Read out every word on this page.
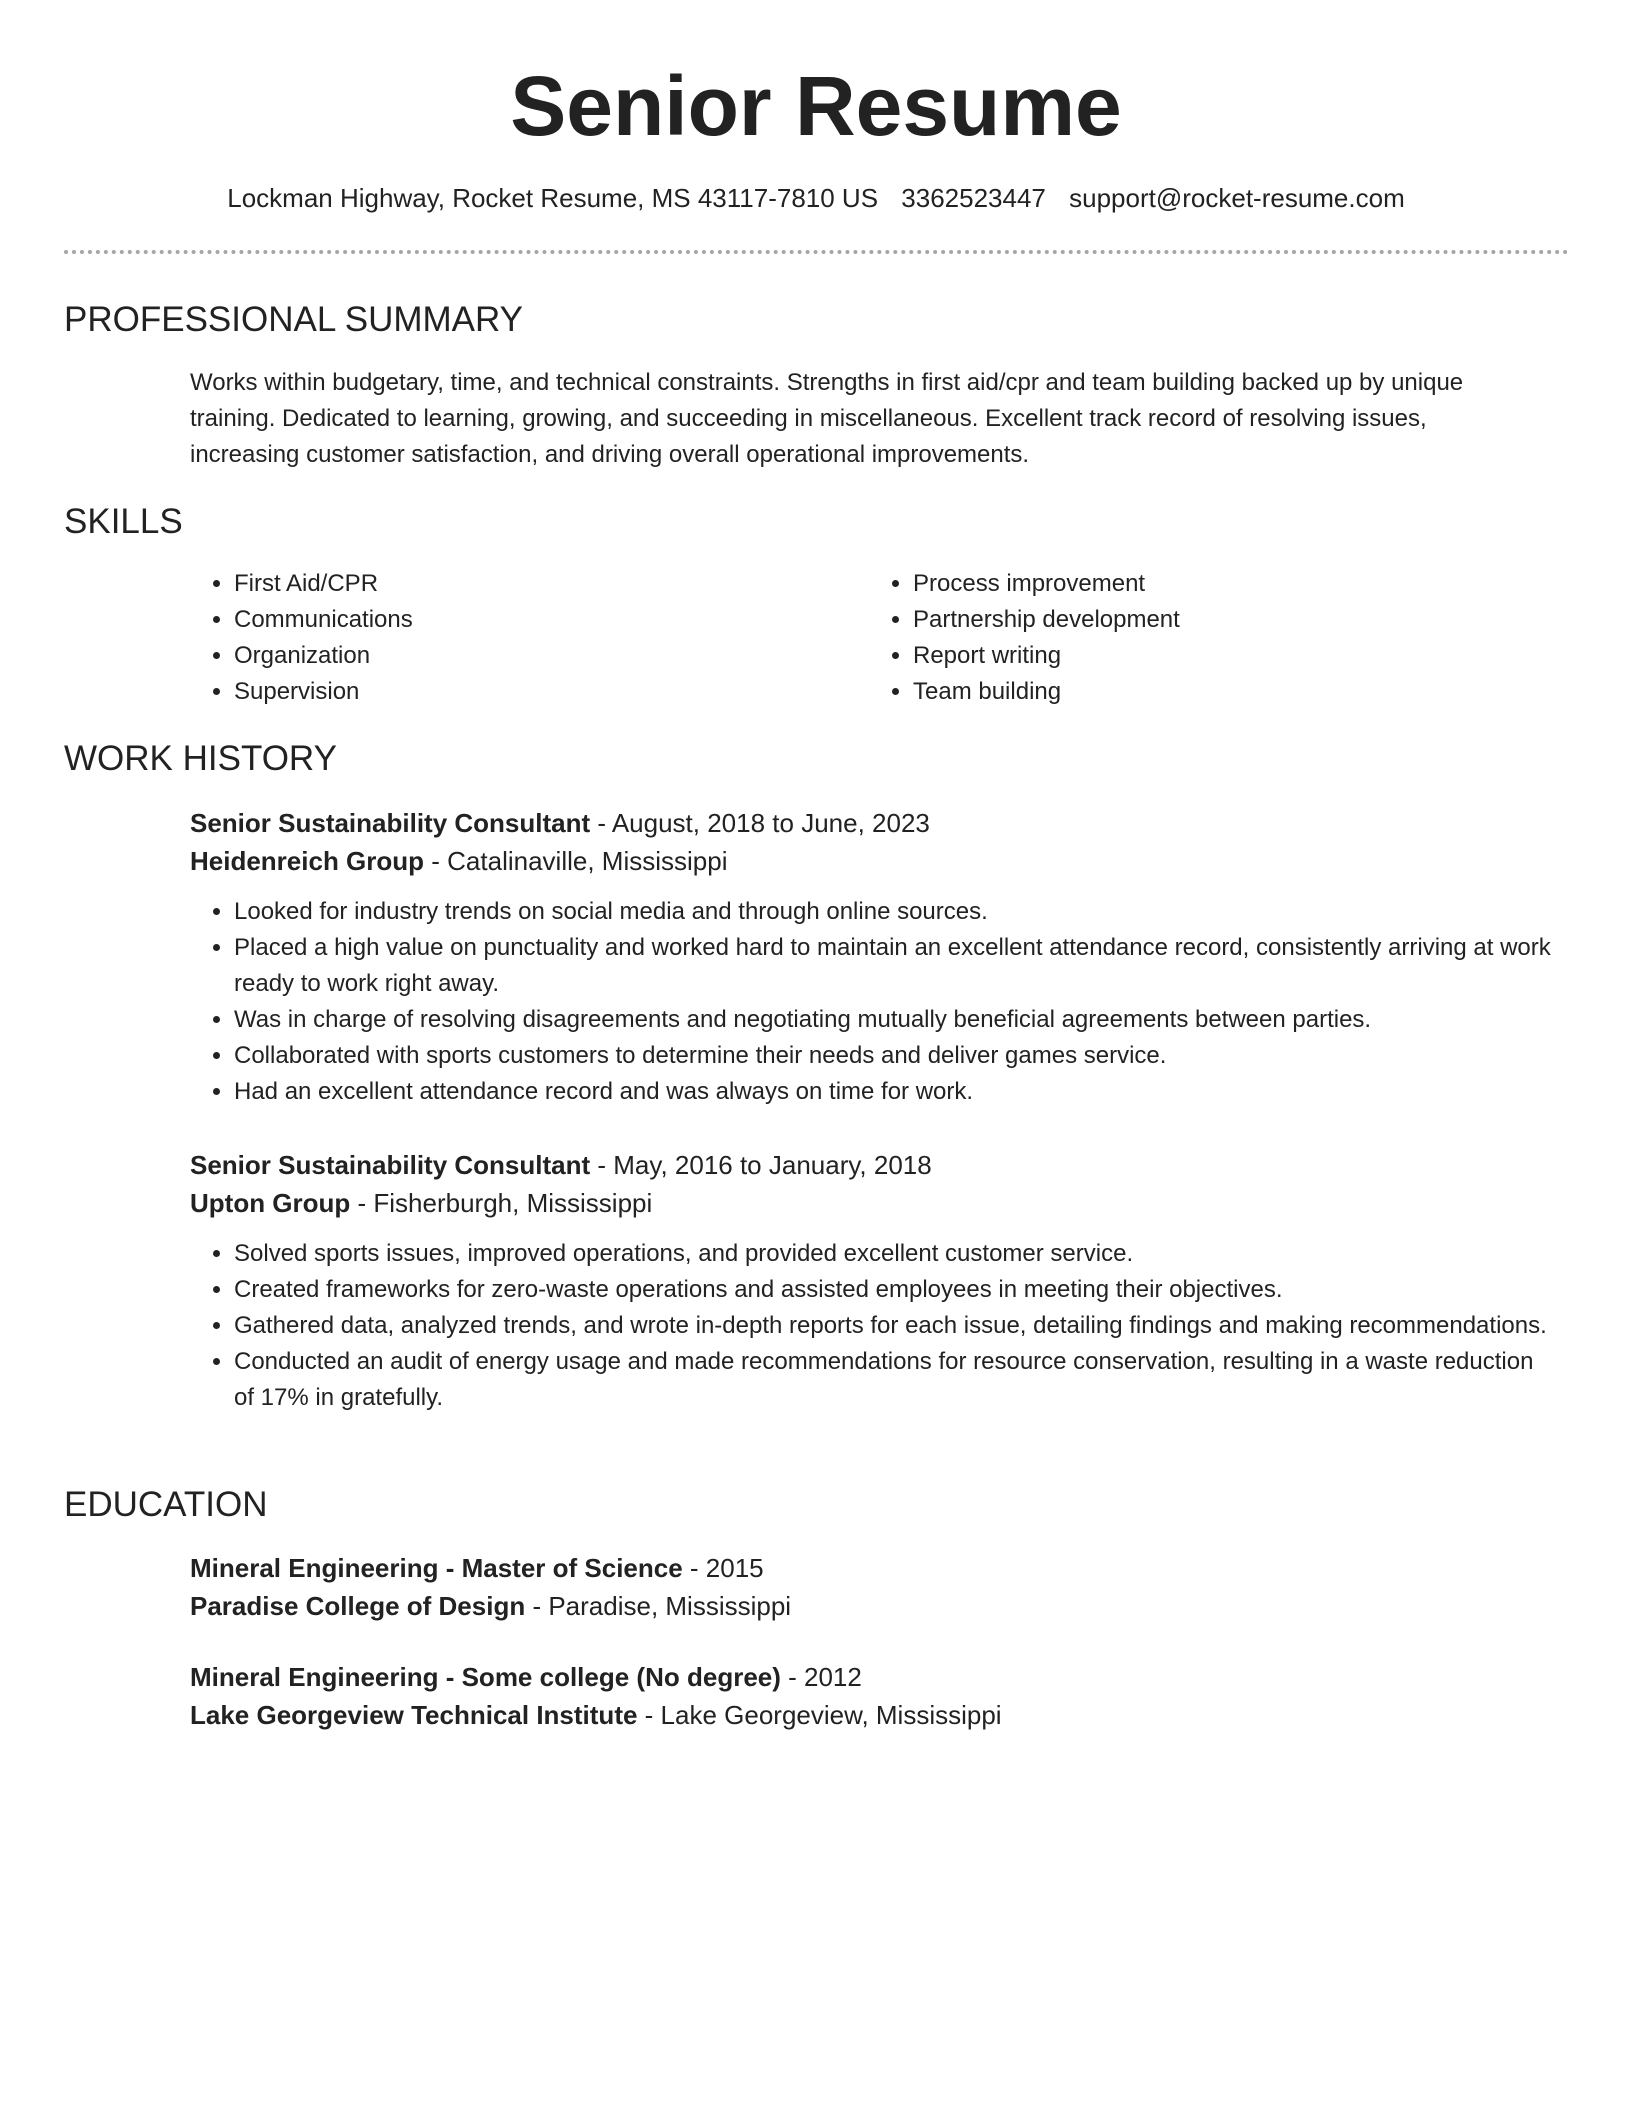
Senior Resume
Lockman Highway, Rocket Resume, MS 43117-7810 US 3362523447 support@rocket-resume.com
PROFESSIONAL SUMMARY

Works within budgetary, time, and technical constraints. Strengths in first aid/cpr and team building backed up by unique training. Dedicated to learning, growing, and succeeding in miscellaneous. Excellent track record of resolving issues, increasing customer satisfaction, and driving overall operational improvements.

SKILLS
• First Aid/CPR
• Communications
• Organization
• Supervision
• Process improvement
• Partnership development
• Report writing
• Team building
WORK HISTORY
Senior Sustainability Consultant - August, 2018 to June, 2023
Heidenreich Group - Catalinaville, Mississippi
• Looked for industry trends on social media and through online sources.
• Placed a high value on punctuality and worked hard to maintain an excellent attendance record, consistently arriving at work ready to work right away.
• Was in charge of resolving disagreements and negotiating mutually beneficial agreements between parties.
• Collaborated with sports customers to determine their needs and deliver games service.
• Had an excellent attendance record and was always on time for work.
Senior Sustainability Consultant - May, 2016 to January, 2018
Upton Group - Fisherburgh, Mississippi
• Solved sports issues, improved operations, and provided excellent customer service.
• Created frameworks for zero-waste operations and assisted employees in meeting their objectives.
• Gathered data, analyzed trends, and wrote in-depth reports for each issue, detailing findings and making recommendations.
• Conducted an audit of energy usage and made recommendations for resource conservation, resulting in a waste reduction of 17% in gratefully.
EDUCATION
Mineral Engineering - Master of Science - 2015
Paradise College of Design - Paradise, Mississippi
Mineral Engineering - Some college (No degree) - 2012
Lake Georgeview Technical Institute - Lake Georgeview, Mississippi
